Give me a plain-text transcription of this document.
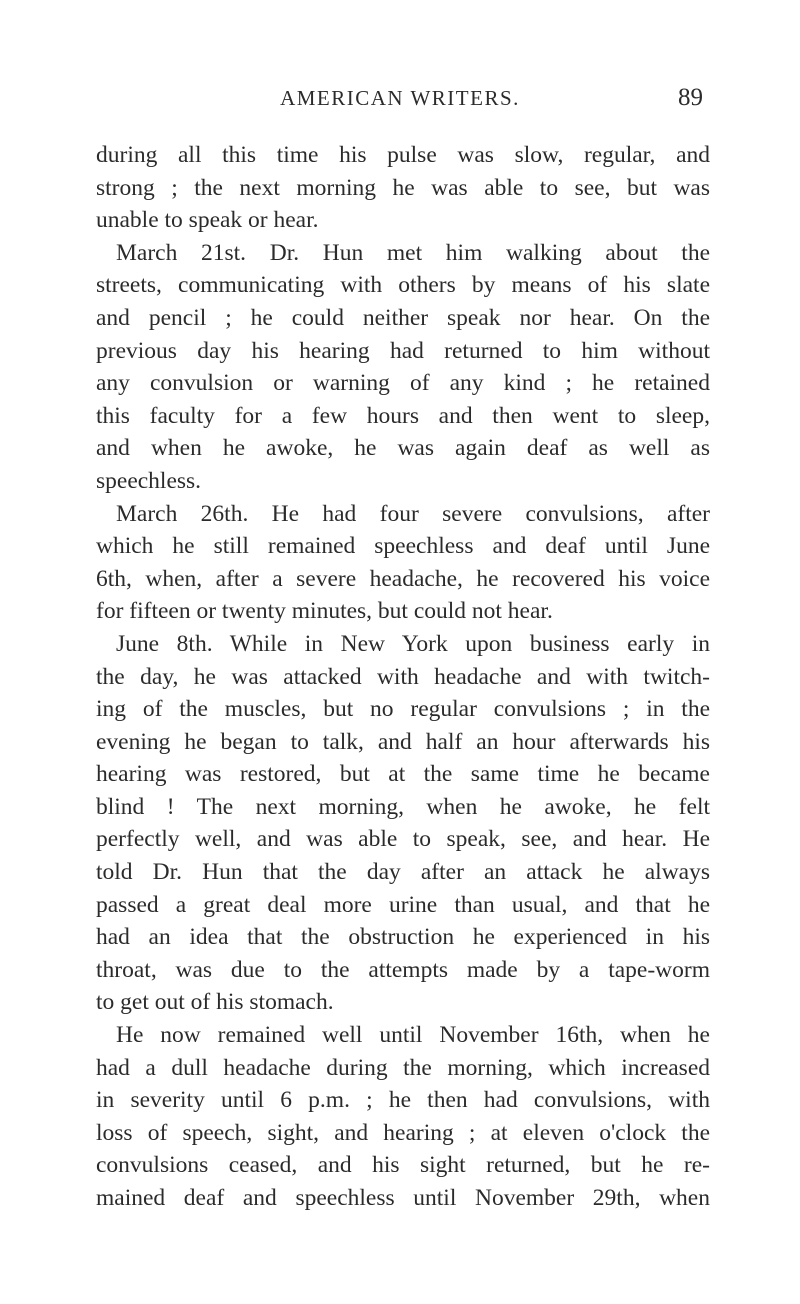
AMERICAN WRITERS.	89
during all this time his pulse was slow, regular, and
strong ; the next morning he was able to see, but was
unable to speak or hear.
March 21st. Dr. Hun met him walking about the
streets, communicating with others by means of his slate
and pencil ; he could neither speak nor hear. On the
previous day his hearing had returned to him without
any convulsion or warning of any kind ; he retained
this faculty for a few hours and then went to sleep,
and when he awoke, he was again deaf as well as
speechless.
March 26th. He had four severe convulsions, after
which he still remained speechless and deaf until June
6th, when, after a severe headache, he recovered his voice
for fifteen or twenty minutes, but could not hear.
June 8th. While in New York upon business early in
the day, he was attacked with headache and with twitch-
ing of the muscles, but no regular convulsions ; in the
evening he began to talk, and half an hour afterwards his
hearing was restored, but at the same time he became
blind ! The next morning, when he awoke, he felt
perfectly well, and was able to speak, see, and hear. He
told Dr. Hun that the day after an attack he always
passed a great deal more urine than usual, and that he
had an idea that the obstruction he experienced in his
throat, was due to the attempts made by a tape-worm
to get out of his stomach.
He now remained well until November 16th, when he
had a dull headache during the morning, which increased
in severity until 6 p.m. ; he then had convulsions, with
loss of speech, sight, and hearing ; at eleven o'clock the
convulsions ceased, and his sight returned, but he re-
mained deaf and speechless until November 29th, when
